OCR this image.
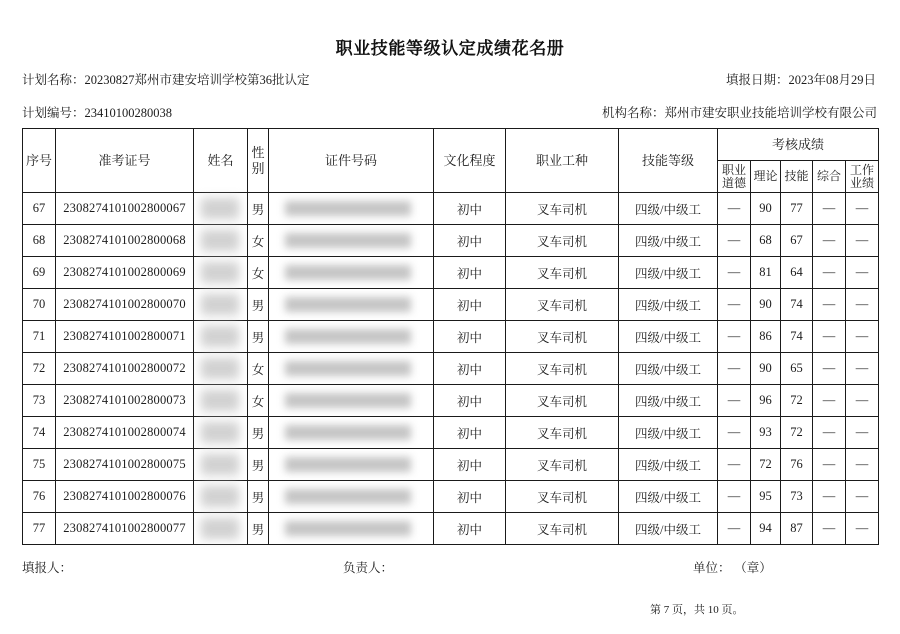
职业技能等级认定成绩花名册
计划名称：20230827郑州市建安培训学校第36批认定	填报日期：2023年08月29日
计划编号：23410100280038	机构名称：郑州市建安职业技能培训学校有限公司
序号	准考证号	姓名	性别	证件号码	文化程度	职业工种	技能等级	考核成绩				
								职业道德	理论	技能	综合	工作业绩
67	2308274101002800067		男		初中	叉车司机	四级/中级工	—	90	77	—	—
68	2308274101002800068		女		初中	叉车司机	四级/中级工	—	68	67	—	—
69	2308274101002800069		女		初中	叉车司机	四级/中级工	—	81	64	—	—
70	2308274101002800070		男		初中	叉车司机	四级/中级工	—	90	74	—	—
71	2308274101002800071		男		初中	叉车司机	四级/中级工	—	86	74	—	—
72	2308274101002800072		女		初中	叉车司机	四级/中级工	—	90	65	—	—
73	2308274101002800073		女		初中	叉车司机	四级/中级工	—	96	72	—	—
74	2308274101002800074		男		初中	叉车司机	四级/中级工	—	93	72	—	—
75	2308274101002800075		男		初中	叉车司机	四级/中级工	—	72	76	—	—
76	2308274101002800076		男		初中	叉车司机	四级/中级工	—	95	73	—	—
77	2308274101002800077		男		初中	叉车司机	四级/中级工	—	94	87	—	—
填报人：	负责人：	单位： （章）
第 7 页，共 10 页。
